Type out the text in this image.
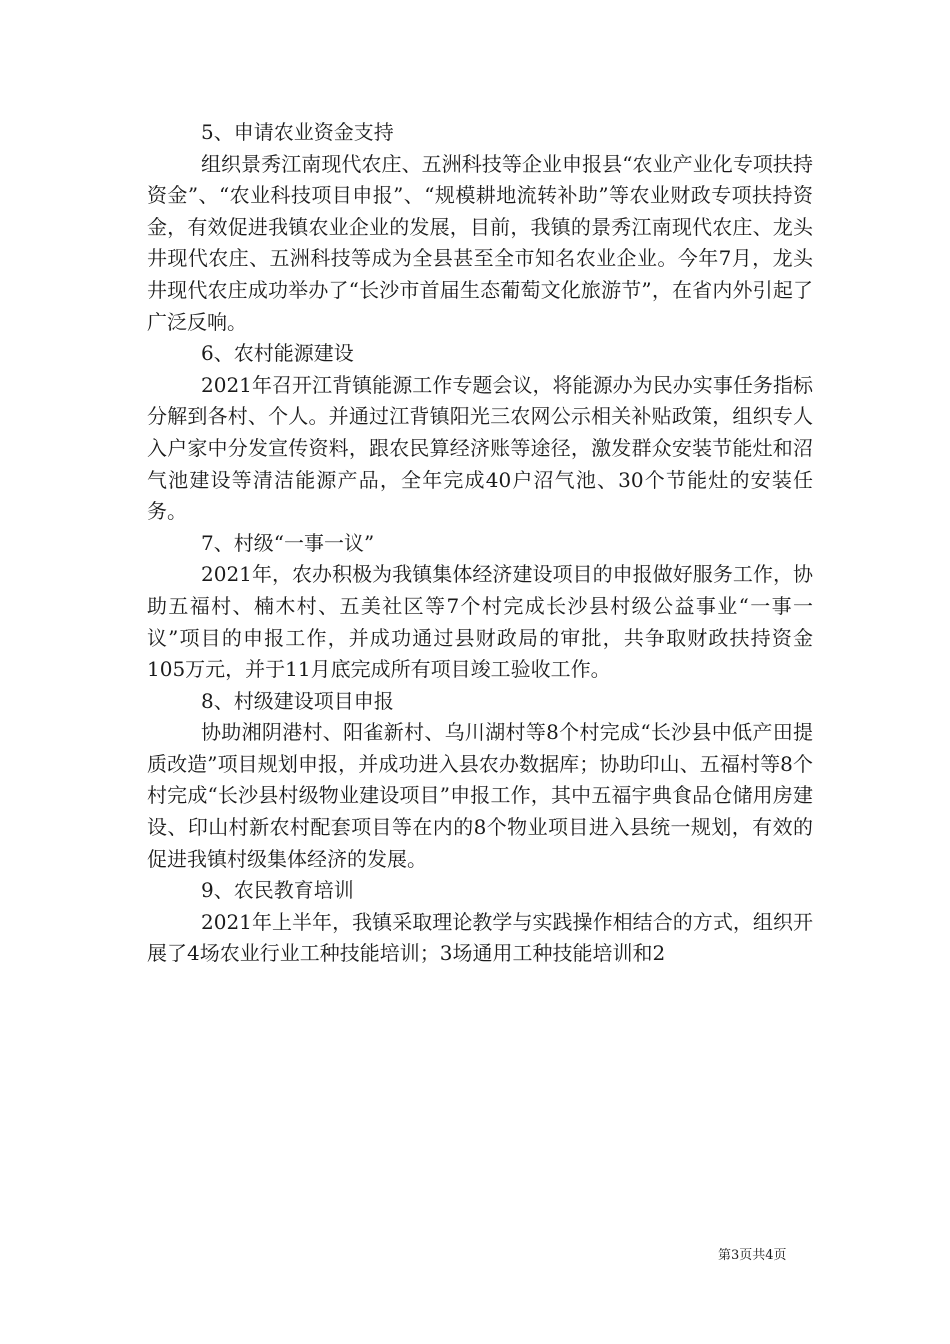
5、申请农业资金支持

组织景秀江南现代农庄、五洲科技等企业申报县“农业产业化专项扶持资金”、“农业科技项目申报”、“规模耕地流转补助”等农业财政专项扶持资金，有效促进我镇农业企业的发展，目前，我镇的景秀江南现代农庄、龙头井现代农庄、五洲科技等成为全县甚至全市知名农业企业。今年7月，龙头井现代农庄成功举办了“长沙市首届生态葡萄文化旅游节”，在省内外引起了广泛反响。

6、农村能源建设

2021年召开江背镇能源工作专题会议，将能源办为民办实事任务指标分解到各村、个人。并通过江背镇阳光三农网公示相关补贴政策，组织专人入户家中分发宣传资料，跟农民算经济账等途径，激发群众安装节能灶和沼气池建设等清洁能源产品，全年完成40户沼气池、30个节能灶的安装任务。

7、村级“一事一议”

2021年，农办积极为我镇集体经济建设项目的申报做好服务工作，协助五福村、楠木村、五美社区等7个村完成长沙县村级公益事业“一事一议”项目的申报工作，并成功通过县财政局的审批，共争取财政扶持资金105万元，并于11月底完成所有项目竣工验收工作。

8、村级建设项目申报

协助湘阴港村、阳雀新村、乌川湖村等8个村完成“长沙县中低产田提质改造”项目规划申报，并成功进入县农办数据库；协助印山、五福村等8个村完成“长沙县村级物业建设项目”申报工作，其中五福宇典食品仓储用房建设、印山村新农村配套项目等在内的8个物业项目进入县统一规划，有效的促进我镇村级集体经济的发展。

9、农民教育培训

2021年上半年，我镇采取理论教学与实践操作相结合的方式，组织开展了4场农业行业工种技能培训；3场通用工种技能培训和2

第3页共4页
